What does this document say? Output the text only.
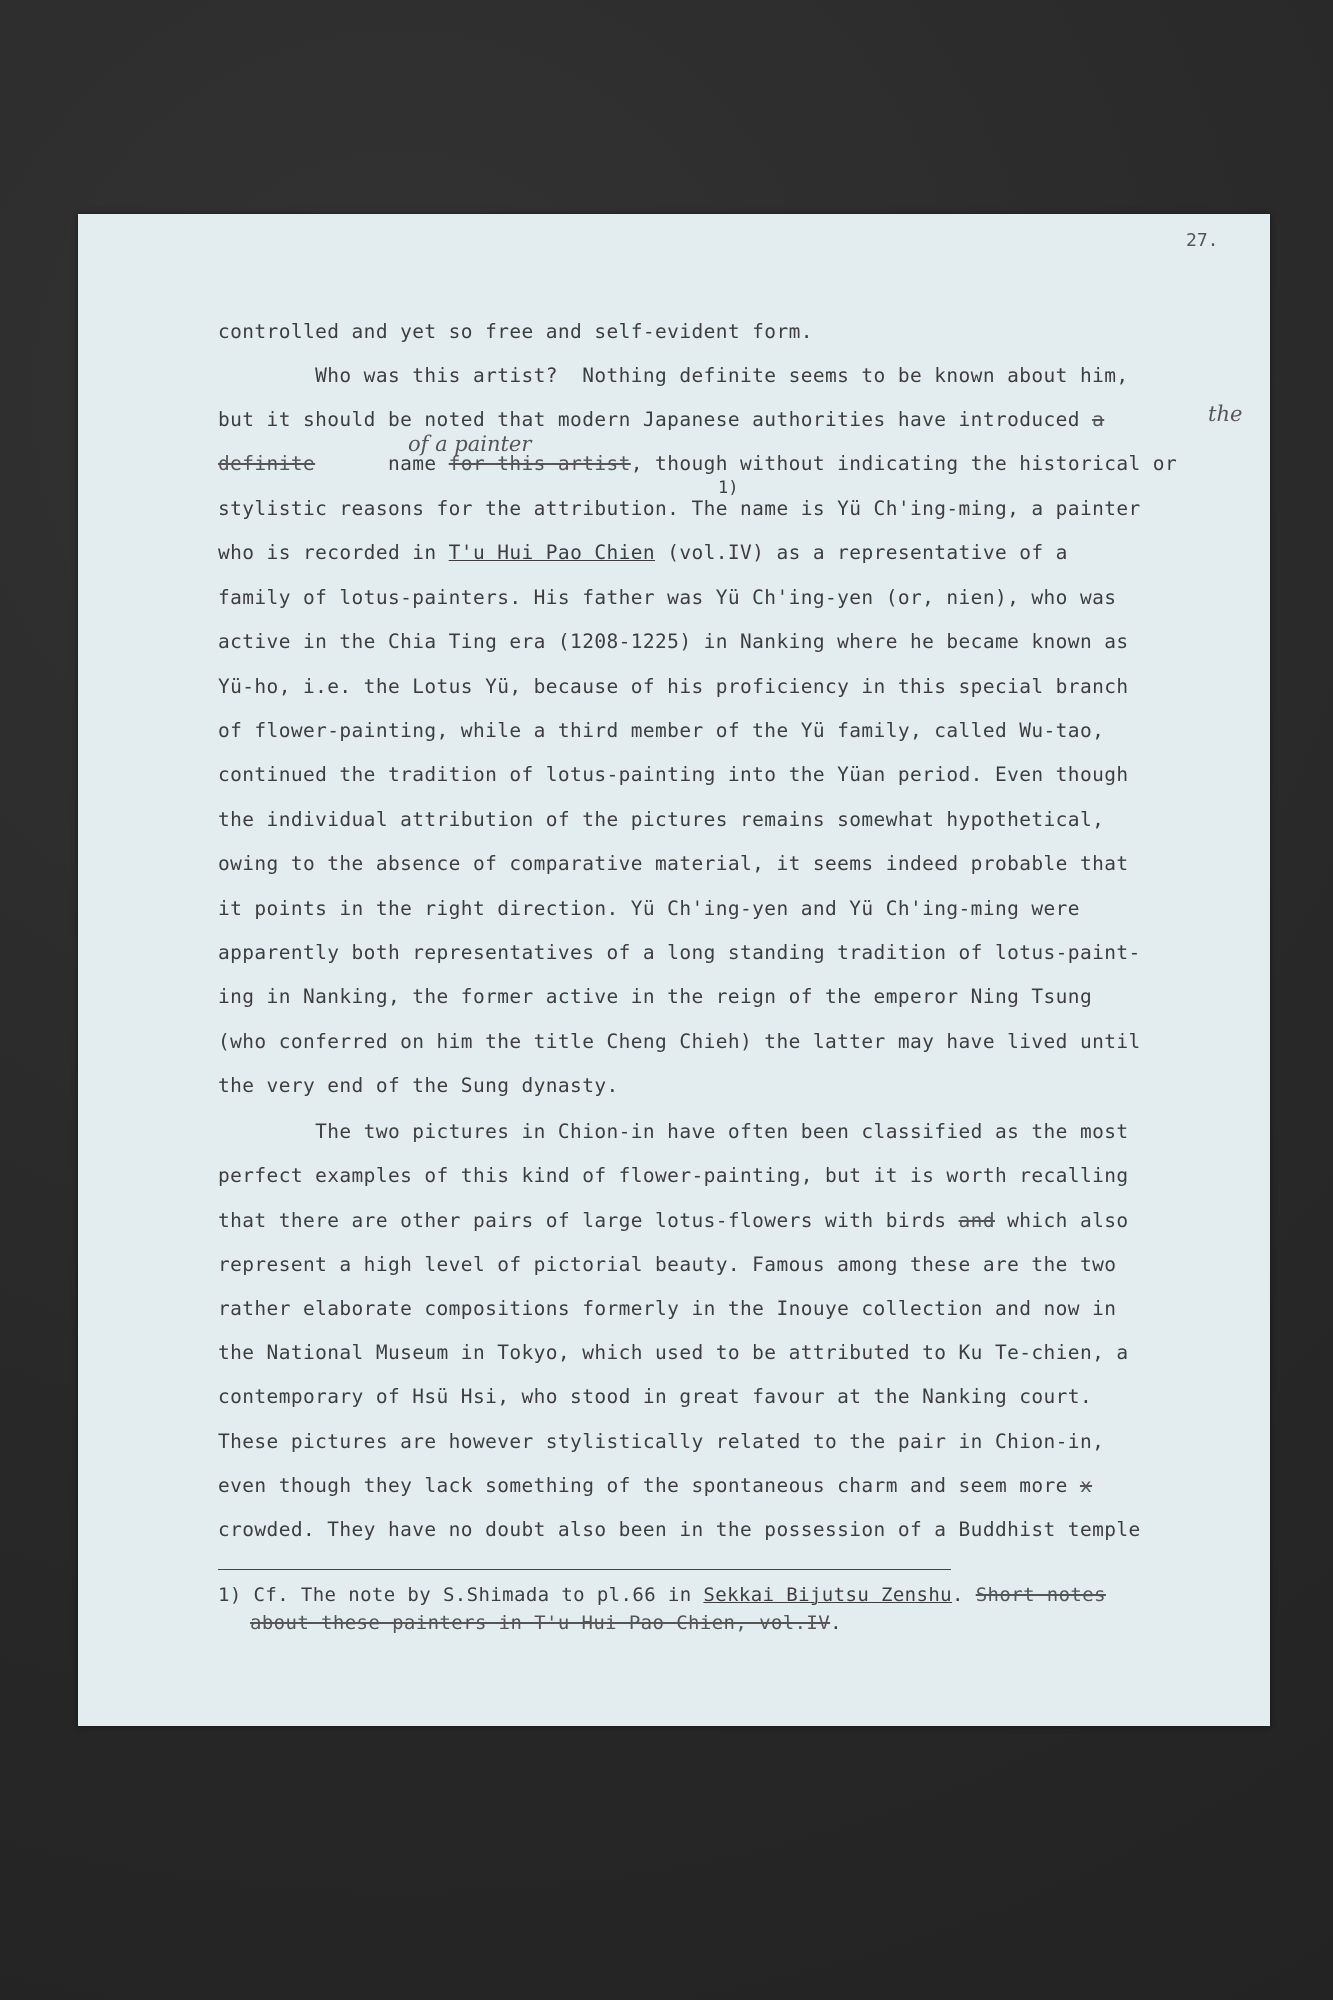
27.
controlled and yet so free and self-evident form.
Who was this artist?  Nothing definite seems to be known about him,
but it should be noted that modern Japanese authorities have introduced a	the
definite      name for this artist, though without indicating the historical or
of a painter
1)
stylistic reasons for the attribution. The name is Yü Ch'ing-ming, a painter
who is recorded in T'u Hui Pao Chien (vol.IV) as a representative of a
family of lotus-painters. His father was Yü Ch'ing-yen (or, nien), who was
active in the Chia Ting era (1208-1225) in Nanking where he became known as
Yü-ho, i.e. the Lotus Yü, because of his proficiency in this special branch
of flower-painting, while a third member of the Yü family, called Wu-tao,
continued the tradition of lotus-painting into the Yüan period. Even though
the individual attribution of the pictures remains somewhat hypothetical,
owing to the absence of comparative material, it seems indeed probable that
it points in the right direction. Yü Ch'ing-yen and Yü Ch'ing-ming were
apparently both representatives of a long standing tradition of lotus-paint-
ing in Nanking, the former active in the reign of the emperor Ning Tsung
(who conferred on him the title Cheng Chieh) the latter may have lived until
the very end of the Sung dynasty.
The two pictures in Chion-in have often been classified as the most
perfect examples of this kind of flower-painting, but it is worth recalling
that there are other pairs of large lotus-flowers with birds and which also
represent a high level of pictorial beauty. Famous among these are the two
rather elaborate compositions formerly in the Inouye collection and now in
the National Museum in Tokyo, which used to be attributed to Ku Te-chien, a
contemporary of Hsü Hsi, who stood in great favour at the Nanking court.
These pictures are however stylistically related to the pair in Chion-in,
even though they lack something of the spontaneous charm and seem more x
crowded. They have no doubt also been in the possession of a Buddhist temple
1) Cf. The note by S.Shimada to pl.66 in Sekkai Bijutsu Zenshu. Short notes
about these painters in T'u Hui Pao Chien, vol.IV.
